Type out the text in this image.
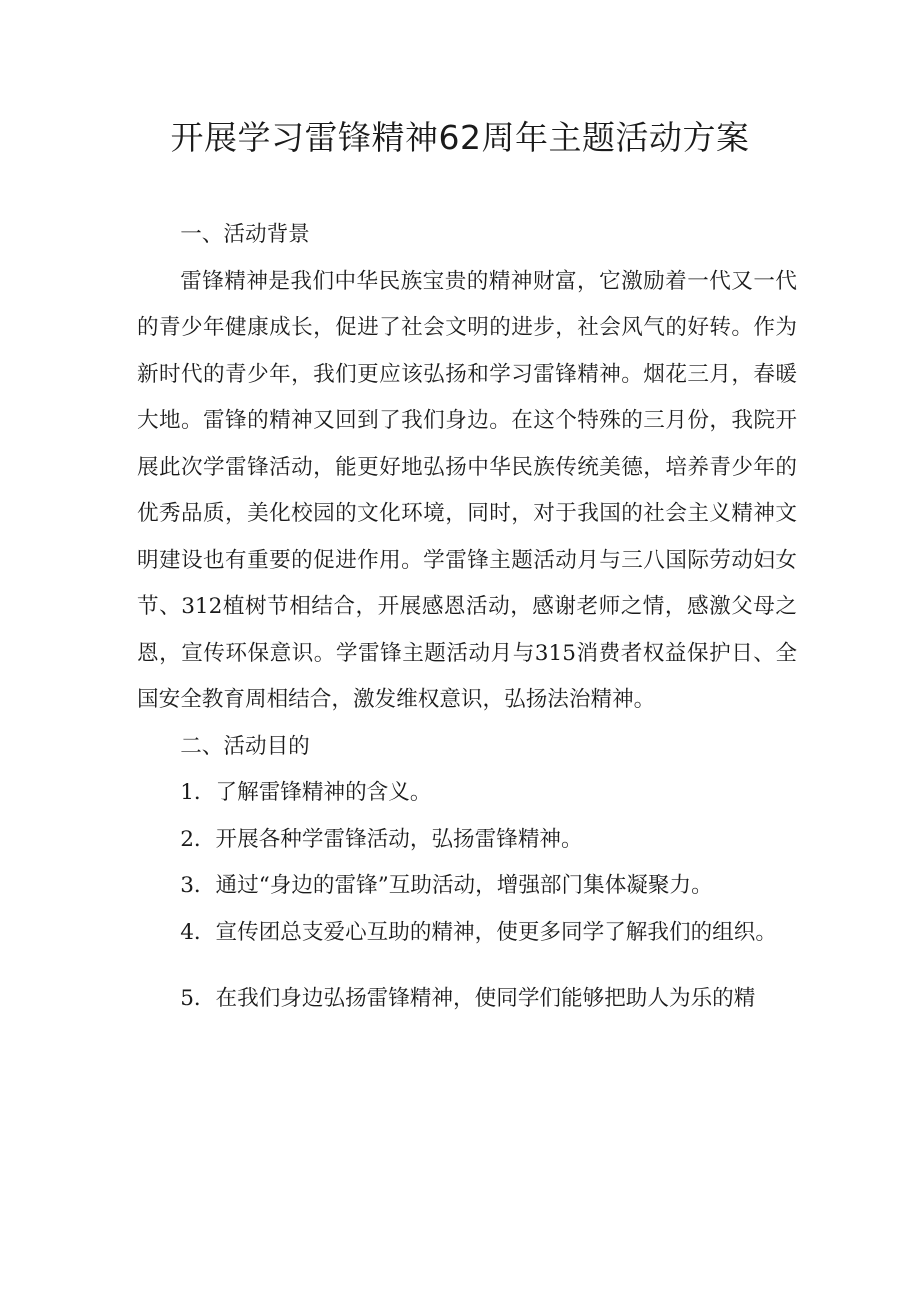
开展学习雷锋精神62周年主题活动方案

一、活动背景

雷锋精神是我们中华民族宝贵的精神财富，它激励着一代又一代的青少年健康成长，促进了社会文明的进步，社会风气的好转。作为新时代的青少年，我们更应该弘扬和学习雷锋精神。烟花三月，春暖大地。雷锋的精神又回到了我们身边。在这个特殊的三月份，我院开展此次学雷锋活动，能更好地弘扬中华民族传统美德，培养青少年的优秀品质，美化校园的文化环境，同时，对于我国的社会主义精神文明建设也有重要的促进作用。学雷锋主题活动月与三八国际劳动妇女节、312植树节相结合，开展感恩活动，感谢老师之情，感激父母之恩，宣传环保意识。学雷锋主题活动月与315消费者权益保护日、全国安全教育周相结合，激发维权意识，弘扬法治精神。

二、活动目的

1．了解雷锋精神的含义。

2．开展各种学雷锋活动，弘扬雷锋精神。

3．通过“身边的雷锋”互助活动，增强部门集体凝聚力。

4．宣传团总支爱心互助的精神，使更多同学了解我们的组织。

5．在我们身边弘扬雷锋精神，使同学们能够把助人为乐的精
